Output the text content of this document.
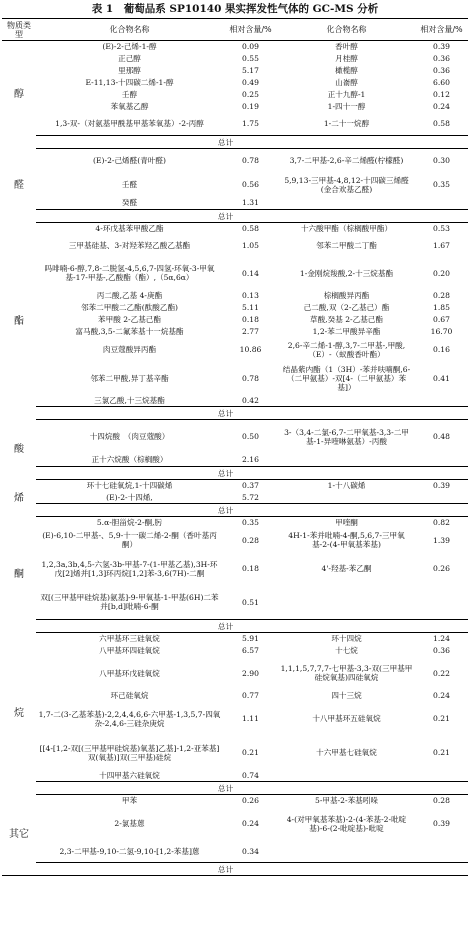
表 1　葡萄品系 SP10140 果实挥发性气体的 GC-MS 分析
物质类型	化合物名称	相对含量/%	化合物名称	相对含量/%	
醇	(E)-2-己烯-1-醇	0.09	香叶醇	0.39	
	正己醇	0.55	月桂醇	0.36	
	里那醇	5.17	橄榄醇	0.36	
	E-11,13-十四碳二烯-1-醇	0.49	山嵛醇	6.60	
	壬醇	0.25	正十九醇-1	0.12	
	苯氧基乙醇	0.19	1-四十一醇	0.24	
	1,3-双-（对氨基甲酰基甲基苯氧基）-2-丙醇	1.75	1-二十一烷醇	0.58	
	总计		
醛	(E)-2-己烯醛(青叶醛)	0.78	3,7-二甲基-2,6-辛二烯醛(柠檬醛)	0.30	
	壬醛	0.56	5,9,13-三甲基-4,8,12-十四碳三烯醛(金合欢基乙醛)	0.35	
	癸醛	1.31			
	总计		
酯	4-环戊基苯甲酸乙酯	0.58	十六酸甲酯（棕榈酸甲酯）	0.53	
	三甲基硅基、3-对羟苯羟乙酸乙基酯	1.05	邻苯二甲酸二丁酯	1.67	
	吗啡喃-6-醇,7,8-二脱氢-4,5,6,7-四氢-环氧-3-甲氧基-17-甲基-,乙酸酯（酯）,（5α,6α）	0.14	1-金刚烷羧酸,2-十三烷基酯	0.20	
	丙二酸,乙基 4-庚酯	0.13	棕榈酸异丙酯	0.28	
	邻苯二甲酸二乙酯(酞酸乙酯)	5.11	己二酸,双（2-乙基己）酯	1.85	
	苯甲酸 2-乙基己酯	0.18	草酸,癸基 2-乙基己酯	0.67	
	富马酸,3,5-二氟苯基十一烷基酯	2.77	1,2-苯二甲酸异辛酯	16.70	
	肉豆蔻酸异丙酯	10.86	2,6-辛二烯-1-醇,3,7-二甲基-,甲酸,（E）-（蚁酸香叶酯）	0.16	
	邻苯二甲酸,异丁基辛酯	0.78	结晶紫内酯（1（3H）-苯并呋喃酮,6-（二甲氨基）-双[4-（二甲氨基）苯基]）	0.41	
	三氯乙酸,十三烷基酯	0.42			
	总计		
酸	十四烷酸　（肉豆蔻酸）	0.50	3-（3,4-二氯-6,7-二甲氧基-3,3-二甲基-1-异喹啉氨基）-丙酸	0.48	
	正十六烷酸（棕榈酸）	2.16			
	总计		
烯	环十七硅氧烷,1-十四碳烯	0.37	1-十八碳烯	0.39	
	(E)-2-十四烯,	5.72			
	总计		
酮	5.α-胆甾烷-2-酮,肟	0.35	甲喹酮	0.82	
	(E)-6,10-二甲基-、5,9-十一碳二烯-2-酮（香叶基丙酮）	0.28	4H-1-苯并吡喃-4-酮,5,6,7-三甲氧基-2-(4-甲氧基苯基)	1.39	
	1,2,3a,3b,4,5-六氢-3b-甲基-7-(1-甲基乙基),3H-环戊[2]烯并[1,3]环丙烷[1,2]苯-3,6(7H)-二酮	0.18	4'-羟基-苯乙酮	0.26	
	双[(三甲基甲硅烷基)氨基]-9-甲氧基-1-甲基(6H)二苯并[b,d]吡喃-6-酮	0.51			
	总计		
烷	六甲基环三硅氧烷	5.91	环十四烷	1.24	
	八甲基环四硅氧烷	6.57	十七烷	0.36	
	八甲基环戊硅氧烷	2.90	1,1,1,5,7,7,7-七甲基-3,3-双(三甲基甲硅烷氧基)四硅氧烷	0.22	
	环己硅氧烷	0.77	四十三烷	0.24	
	1,7-二(3-乙基苯基)-2,2,4,4,6,6-六甲基-1,3,5,7-四氧杂-2,4,6-三硅杂庚烷	1.11	十八甲基环五硅氧烷	0.21	
	[[4-[1,2-双[(三甲基甲硅烷基)氧基]乙基]-1,2-亚苯基]双(氧基)]双(三甲基)硅烷	0.21	十六甲基七硅氧烷	0.21	
	十四甲基六硅氧烷	0.74			
	总计		
其它	甲苯	0.26	5-甲基-2-苯基吲哚	0.28	
	2-氯基蒽	0.24	4-(对甲氧基苯基)-2-(4-苯基-2-吡啶基)-6-(2-吡啶基)-吡啶	0.39	
	2,3-二甲基-9,10-二氢-9,10-[1,2-苯基]蒽	0.34			
	总计		
